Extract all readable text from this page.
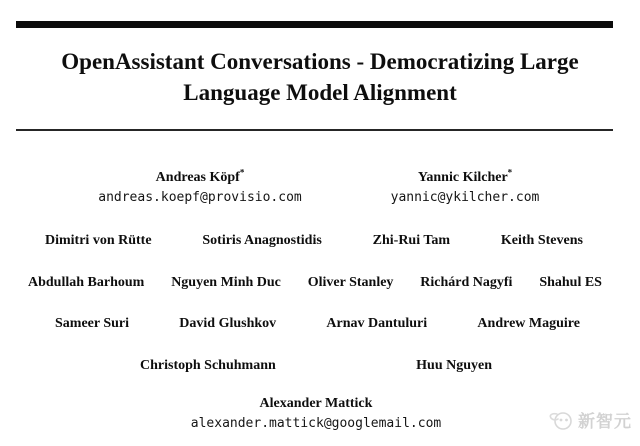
OpenAssistant Conversations - Democratizing Large
Language Model Alignment
Andreas Köpf*
andreas.koepf@provisio.com
Yannic Kilcher*
yannic@ykilcher.com
Dimitri von Rütte	Sotiris Anagnostidis	Zhi-Rui Tam	Keith Stevens
Abdullah Barhoum Nguyen Minh Duc Oliver Stanley Richárd Nagyfi Shahul ES
Sameer Suri	David Glushkov	Arnav Dantuluri	Andrew Maguire
Christoph Schuhmann	Huu Nguyen
Alexander Mattick
alexander.mattick@googlemail.com	新智元
